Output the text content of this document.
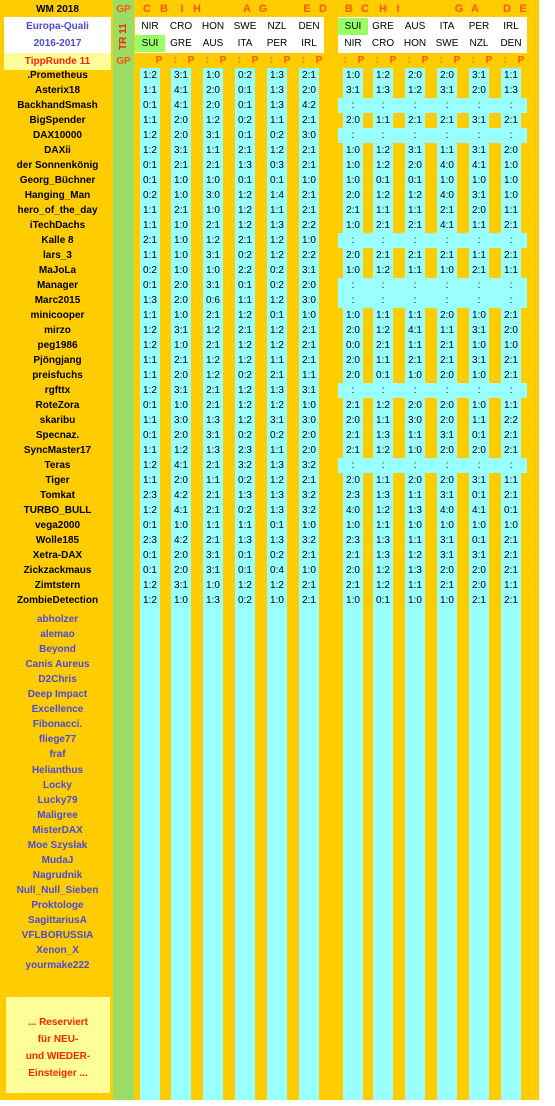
WM 2018
Europa-Quali
2016-2017
TippRunde 11
GP
TR 11
GP
C B	I H	A G	E D B C H I	G A D E
NIR	CRO HON SWE	NZL	DEN
SUI	GRE	AUS	ITA	PER	IRL
SUI	GRE	AUS	ITA	PER	IRL
NIR	CRO HON SWE	NZL	DEN
P	:	P	:	P	:	P	:	P	:	P	:	P	:	P	:	P	:	P	:	P	:	P
.Prometheus	1:2	3:1	1:0	0:2	1:3	2:1	1:0	1:2	2:0	2:0	3:1	1:1
Asterix18	1:1	4:1	2:0	0:1	1:3	2:0	3:1	1:3	1:2	3:1	2:0	1:3
BackhandSmash	0:1	4:1	2:0	0:1	1:3	4:2	:	:	:	:	:	:
BigSpender	1:1	2:0	1:2	0:2	1:1	2:1	2:0	1:1	2:1	2:1	3:1	2:1
DAX10000	1:2	2:0	3:1	0:1	0:2	3:0	:	:	:	:	:	:
DAXii	1:2	3:1	1:1	2:1	1:2	2:1	1:0	1:2	3:1	1:1	3:1	2:0
der Sonnenkönig	0:1	2:1	2:1	1:3	0:3	2:1	1:0	1:2	2:0	4:0	4:1	1:0
Georg_Büchner	0:1	1:0	1:0	0:1	0:1	1:0	1:0	0:1	0:1	1:0	1:0	1:0
Hanging_Man	0:2	1:0	3:0	1:2	1:4	2:1	2:0	1:2	1:2	4:0	3:1	1:0
hero_of_the_day	1:1	2:1	1:0	1:2	1:1	2:1	2:1	1:1	1:1	2:1	2:0	1:1
iTechDachs	1:1	1:0	2:1	1:2	1:3	2:2	1:0	2:1	2:1	4:1	1:1	2:1
Kalle 8	2:1	1:0	1:2	2:1	1:2	1:0	:	:	:	:	:	:
lars_3	1:1	1:0	3:1	0:2	1:2	2:2	2:0	2:1	2:1	2:1	1:1	2:1
MaJoLa	0:2	1:0	1:0	2:2	0:2	3:1	1:0	1:2	1:1	1:0	2:1	1:1
Manager	0:1	2:0	3:1	0:1	0:2	2:0	:	:	:	:	:	:
Marc2015	1:3	2:0	0:6	1:1	1:2	3:0	:	:	:	:	:	:
minicooper	1:1	1:0	2:1	1:2	0:1	1:0	1:0	1:1	1:1	2:0	1:0	2:1
mirzo	1:2	3:1	1:2	2:1	1:2	2:1	2:0	1:2	4:1	1:1	3:1	2:0
peg1986	1:2	1:0	2:1	1:2	1:2	2:1	0:0	2:1	1:1	2:1	1:0	1:0
Pjöngjang	1:1	2:1	1:2	1:2	1:1	2:1	2:0	1:1	2:1	2:1	3:1	2:1
preisfuchs	1:1	2:0	1:2	0:2	2:1	1:1	2:0	0:1	1:0	2:0	1:0	2:1
rgfttx	1:2	3:1	2:1	1:2	1:3	3:1	:	:	:	:	:	:
RoteZora	0:1	1:0	2:1	1:2	1:2	1:0	2:1	1:2	2:0	2:0	1:0	1:1
skaribu	1:1	3:0	1:3	1:2	3:1	3:0	2:0	1:1	3:0	2:0	1:1	2:2
Specnaz.	0:1	2:0	3:1	0:2	0:2	2:0	2:1	1:3	1:1	3:1	0:1	2:1
SyncMaster17	1:1	1:2	1:3	2:3	1:1	2:0	2:1	1:2	1:0	2:0	2:0	2:1
Teras	1:2	4:1	2:1	3:2	1:3	3:2	:	:	:	:	:	:
Tiger	1:1	2:0	1:1	0:2	1:2	2:1	2:0	1:1	2:0	2:0	3:1	1:1
Tomkat	2:3	4:2	2:1	1:3	1:3	3:2	2:3	1:3	1:1	3:1	0:1	2:1
TURBO_BULL	1:2	4:1	2:1	0:2	1:3	3:2	4:0	1:2	1:3	4:0	4:1	0:1
vega2000	0:1	1:0	1:1	1:1	0:1	1:0	1:0	1:1	1:0	1:0	1:0	1:0
Wolle185	2:3	4:2	2:1	1:3	1:3	3:2	2:3	1:3	1:1	3:1	0:1	2:1
Xetra-DAX	0:1	2:0	3:1	0:1	0:2	2:1	2:1	1:3	1:2	3:1	3:1	2:1
Zickzackmaus	0:1	2:0	3:1	0:1	0:4	1:0	2:0	1:2	1:3	2:0	2:0	2:1
Zimtstern	1:2	3:1	1:0	1:2	1:2	2:1	2:1	1:2	1:1	2:1	2:0	1:1
ZombieDetection	1:2	1:0	1:3	0:2	1:0	2:1	1:0	0:1	1:0	1:0	2:1	2:1
abholzer
alemao
Beyond
Canis Aureus
D2Chris
Deep Impact
Excellence
Fibonacci.
fliege77
fraf
Helianthus
Locky
Lucky79
Maligree
MisterDAX
Moe Szyslak
MudaJ
Nagrudnik
Null_Null_Sieben
Proktologe
SagittariusA
VFLBORUSSIA
Xenon_X
yourmake222
... Reserviert
für NEU-
und WIEDER-
Einsteiger ...
